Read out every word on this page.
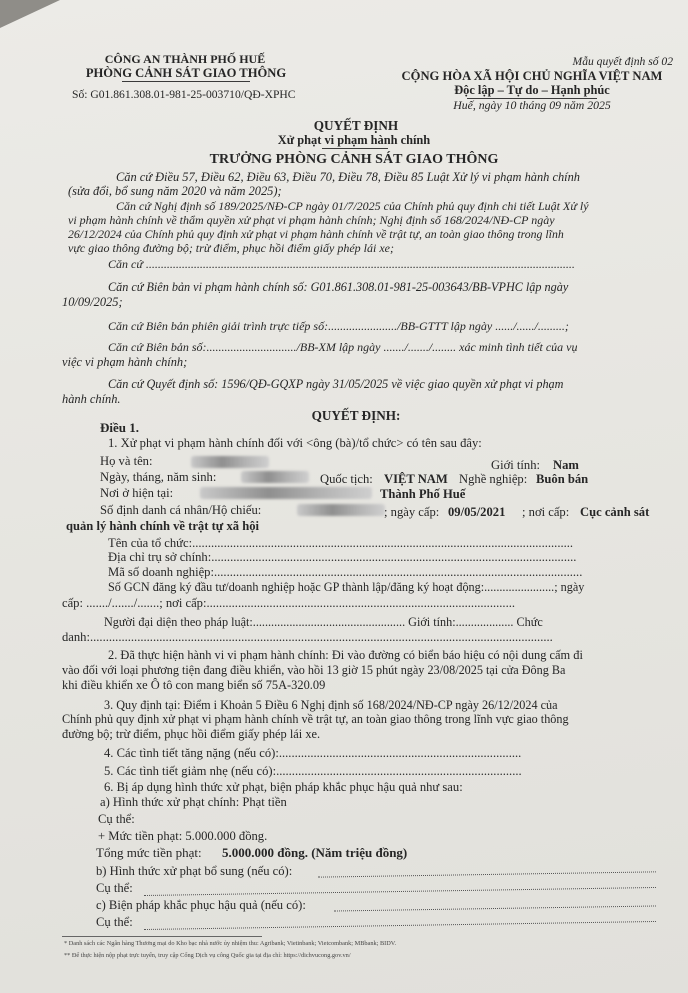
CÔNG AN THÀNH PHỐ HUẾ
PHÒNG CẢNH SÁT GIAO THÔNG
Số: G01.861.308.01-981-25-003710/QĐ-XPHC
Mẫu quyết định số 02
CỘNG HÒA XÃ HỘI CHỦ NGHĨA VIỆT NAM
Độc lập – Tự do – Hạnh phúc
Huế, ngày 10 tháng 09 năm 2025
QUYẾT ĐỊNH
Xử phạt vi phạm hành chính
TRƯỞNG PHÒNG CẢNH SÁT GIAO THÔNG
Căn cứ Điều 57, Điều 62, Điều 63, Điều 70, Điều 78, Điều 85 Luật Xử lý vi phạm hành chính
(sửa đổi, bổ sung năm 2020 và năm 2025);
Căn cứ Nghị định số 189/2025/NĐ-CP ngày 01/7/2025 của Chính phủ quy định chi tiết Luật Xử lý
vi phạm hành chính về thẩm quyền xử phạt vi phạm hành chính; Nghị định số 168/2024/NĐ-CP ngày
26/12/2024 của Chính phủ quy định xử phạt vi phạm hành chính về trật tự, an toàn giao thông trong lĩnh
vực giao thông đường bộ; trừ điểm, phục hồi điểm giấy phép lái xe;
Căn cứ ...............................................................................................................................................
Căn cứ Biên bản vi phạm hành chính số: G01.861.308.01-981-25-003643/BB-VPHC lập ngày
10/09/2025;
Căn cứ Biên bản phiên giải trình trực tiếp số:......................./BB-GTTT lập ngày ....../....../.........;
Căn cứ Biên bản số:............................../BB-XM lập ngày ......./......./........ xác minh tình tiết của vụ
việc vi phạm hành chính;
Căn cứ Quyết định số: 1596/QĐ-GQXP ngày 31/05/2025 về việc giao quyền xử phạt vi phạm
hành chính.
QUYẾT ĐỊNH:
Điều 1.
1. Xử phạt vi phạm hành chính đối với <ông (bà)/tổ chức> có tên sau đây:
Họ và tên:	Giới tính: Nam
Ngày, tháng, năm sinh:	Quốc tịch: VIỆT NAM Nghề nghiệp: Buôn bán
Nơi ở hiện tại:	Thành Phố Huế
Số định danh cá nhân/Hộ chiếu:	; ngày cấp: 09/05/2021 ; nơi cấp: Cục cảnh sát
quản lý hành chính về trật tự xã hội
Tên của tổ chức:.........................................................................................................................
Địa chỉ trụ sở chính:....................................................................................................................
Mã số doanh nghiệp:.....................................................................................................................
Số GCN đăng ký đầu tư/doanh nghiệp hoặc GP thành lập/đăng ký hoạt động:.......................; ngày
cấp: ......./......./.......; nơi cấp:..................................................................................................
Người đại diện theo pháp luật:.................................................. Giới tính:................... Chức
danh:...................................................................................................................................................
2. Đã thực hiện hành vi vi phạm hành chính: Đi vào đường có biển báo hiệu có nội dung cấm đi
vào đối với loại phương tiện đang điều khiển, vào hồi 13 giờ 15 phút ngày 23/08/2025 tại cửa Đông Ba
khi điều khiển xe Ô tô con mang biển số 75A-320.09
3. Quy định tại: Điểm i Khoản 5 Điều 6 Nghị định số 168/2024/NĐ-CP ngày 26/12/2024 của
Chính phủ quy định xử phạt vi phạm hành chính về trật tự, an toàn giao thông trong lĩnh vực giao thông
đường bộ; trừ điểm, phục hồi điểm giấy phép lái xe.
4. Các tình tiết tăng nặng (nếu có):.............................................................................
5. Các tình tiết giảm nhẹ (nếu có):..............................................................................
6. Bị áp dụng hình thức xử phạt, biện pháp khắc phục hậu quả như sau:
a) Hình thức xử phạt chính: Phạt tiền
Cụ thể:
+ Mức tiền phạt: 5.000.000 đồng.
Tổng mức tiền phạt: 5.000.000 đồng. (Năm triệu đồng)
b) Hình thức xử phạt bổ sung (nếu có):
Cụ thể:
c) Biện pháp khắc phục hậu quả (nếu có):
Cụ thể:
* Danh sách các Ngân hàng Thương mại do Kho bạc nhà nước ủy nhiệm thu: Agribank; Vietinbank; Vietcombank; MBbank; BIDV.
** Để thực hiện nộp phạt trực tuyến, truy cập Cổng Dịch vụ công Quốc gia tại địa chỉ: https://dichvucong.gov.vn/
